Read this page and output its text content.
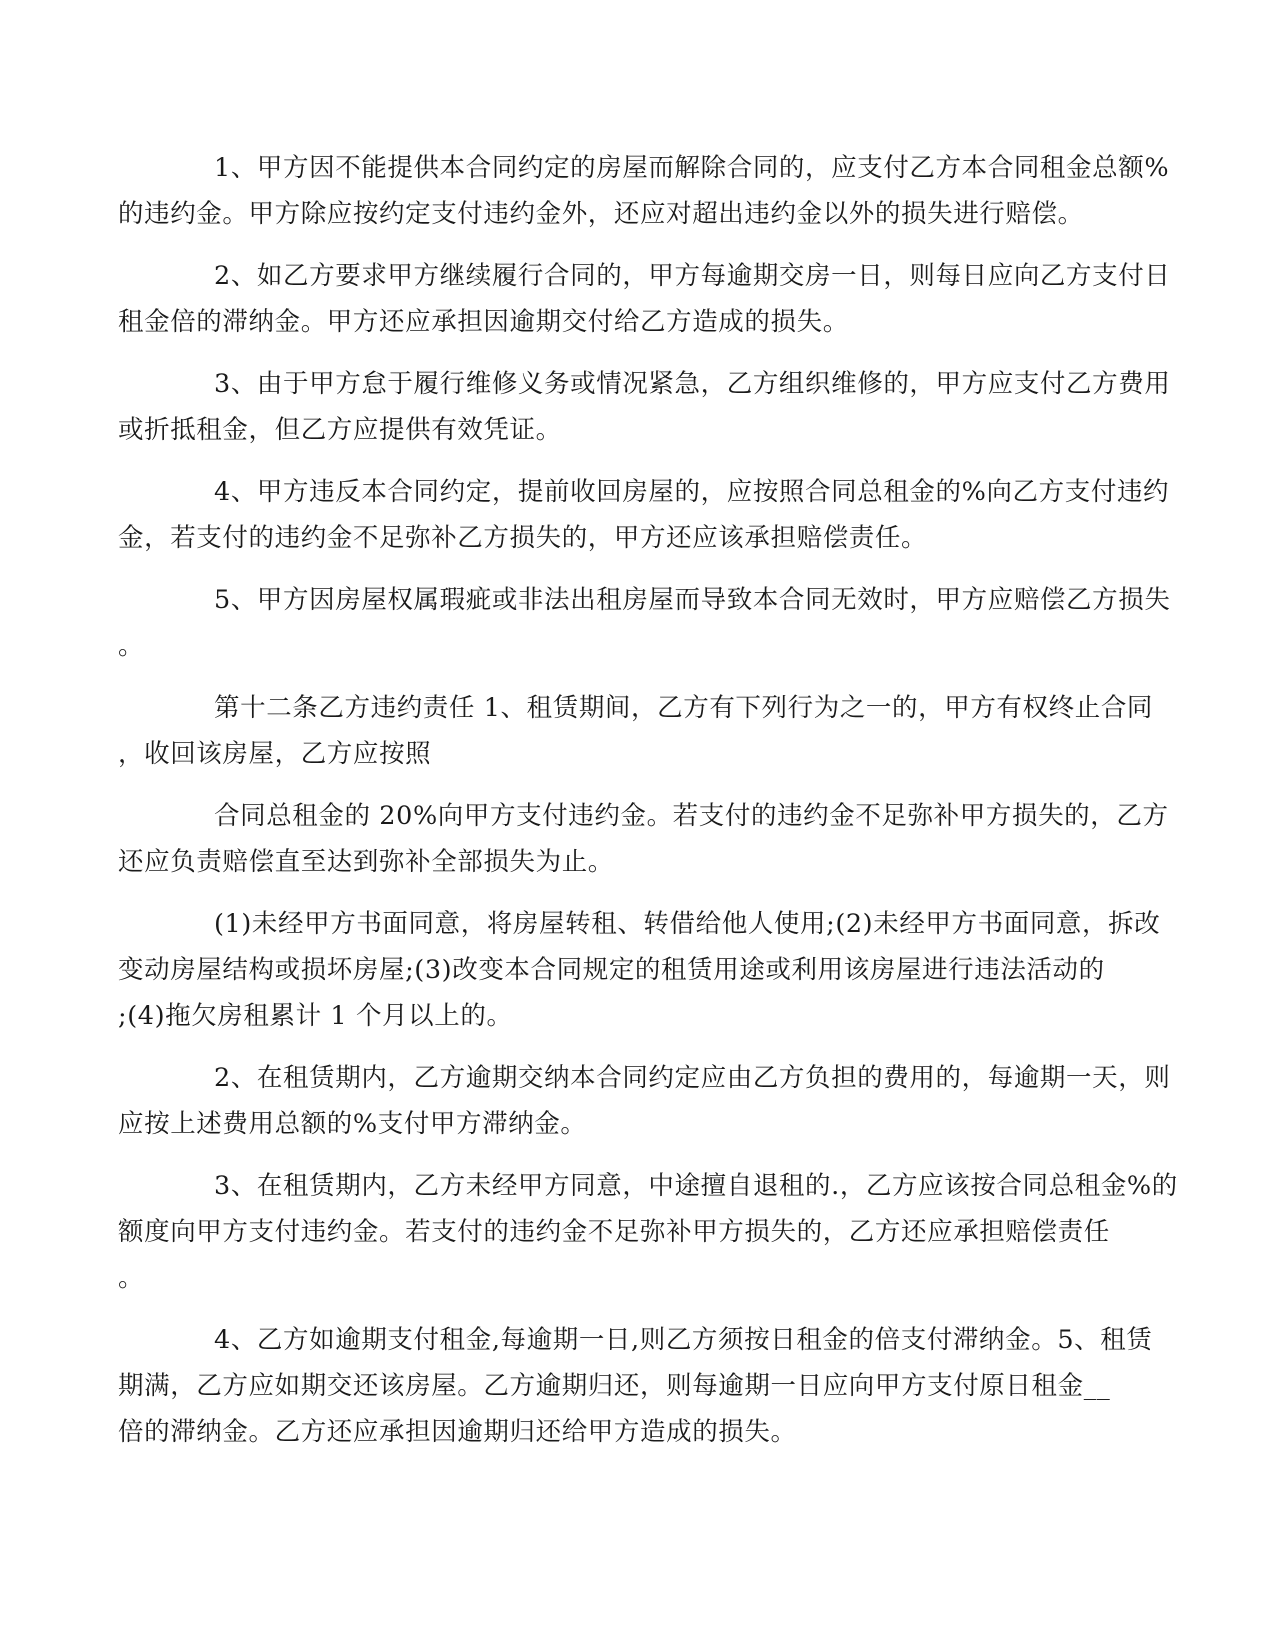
1、甲方因不能提供本合同约定的房屋而解除合同的，应支付乙方本合同租金总额%
的违约金。甲方除应按约定支付违约金外，还应对超出违约金以外的损失进行赔偿。
2、如乙方要求甲方继续履行合同的，甲方每逾期交房一日，则每日应向乙方支付日
租金倍的滞纳金。甲方还应承担因逾期交付给乙方造成的损失。
3、由于甲方怠于履行维修义务或情况紧急，乙方组织维修的，甲方应支付乙方费用
或折抵租金，但乙方应提供有效凭证。
4、甲方违反本合同约定，提前收回房屋的，应按照合同总租金的%向乙方支付违约
金，若支付的违约金不足弥补乙方损失的，甲方还应该承担赔偿责任。
5、甲方因房屋权属瑕疵或非法出租房屋而导致本合同无效时，甲方应赔偿乙方损失
。
第十二条乙方违约责任 1、租赁期间，乙方有下列行为之一的，甲方有权终止合同
，收回该房屋，乙方应按照
合同总租金的 20%向甲方支付违约金。若支付的违约金不足弥补甲方损失的，乙方
还应负责赔偿直至达到弥补全部损失为止。
(1)未经甲方书面同意，将房屋转租、转借给他人使用;(2)未经甲方书面同意，拆改
变动房屋结构或损坏房屋;(3)改变本合同规定的租赁用途或利用该房屋进行违法活动的
;(4)拖欠房租累计 1 个月以上的。
2、在租赁期内，乙方逾期交纳本合同约定应由乙方负担的费用的，每逾期一天，则
应按上述费用总额的%支付甲方滞纳金。
3、在租赁期内，乙方未经甲方同意，中途擅自退租的.，乙方应该按合同总租金%的
额度向甲方支付违约金。若支付的违约金不足弥补甲方损失的，乙方还应承担赔偿责任
。
4、乙方如逾期支付租金,每逾期一日,则乙方须按日租金的倍支付滞纳金。5、租赁
期满，乙方应如期交还该房屋。乙方逾期归还，则每逾期一日应向甲方支付原日租金__
倍的滞纳金。乙方还应承担因逾期归还给甲方造成的损失。
